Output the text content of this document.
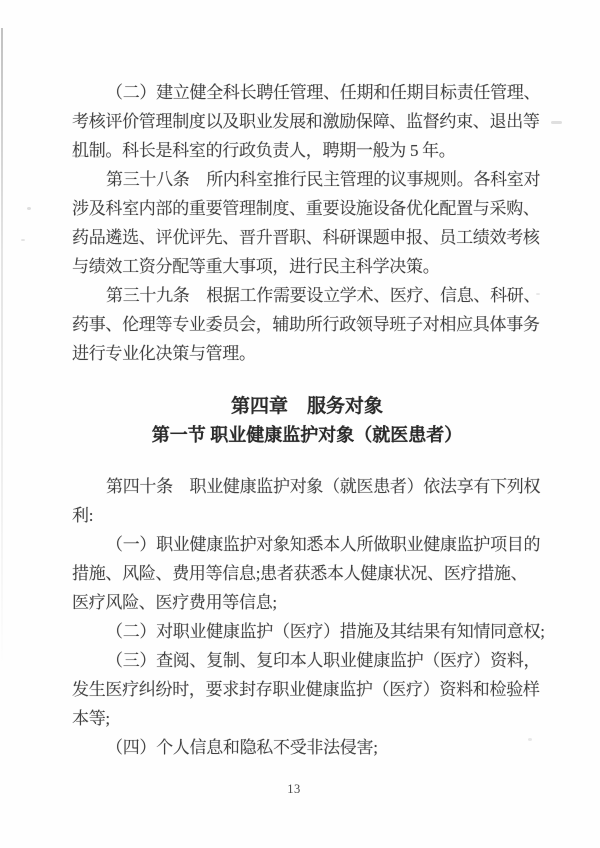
（二）建立健全科长聘任管理、任期和任期目标责任管理、
考核评价管理制度以及职业发展和激励保障、监督约束、退出等
机制。科长是科室的行政负责人，聘期一般为 5 年。
第三十八条　所内科室推行民主管理的议事规则。各科室对
涉及科室内部的重要管理制度、重要设施设备优化配置与采购、
药品遴选、评优评先、晋升晋职、科研课题申报、员工绩效考核
与绩效工资分配等重大事项，进行民主科学决策。
第三十九条　根据工作需要设立学术、医疗、信息、科研、
药事、伦理等专业委员会，辅助所行政领导班子对相应具体事务
进行专业化决策与管理。
第四章　服务对象
第一节 职业健康监护对象（就医患者）
第四十条　职业健康监护对象（就医患者）依法享有下列权
利:
（一）职业健康监护对象知悉本人所做职业健康监护项目的
措施、风险、费用等信息;患者获悉本人健康状况、医疗措施、
医疗风险、医疗费用等信息;
（二）对职业健康监护（医疗）措施及其结果有知情同意权;
（三）查阅、复制、复印本人职业健康监护（医疗）资料，
发生医疗纠纷时，要求封存职业健康监护（医疗）资料和检验样
本等;
（四）个人信息和隐私不受非法侵害;
13
